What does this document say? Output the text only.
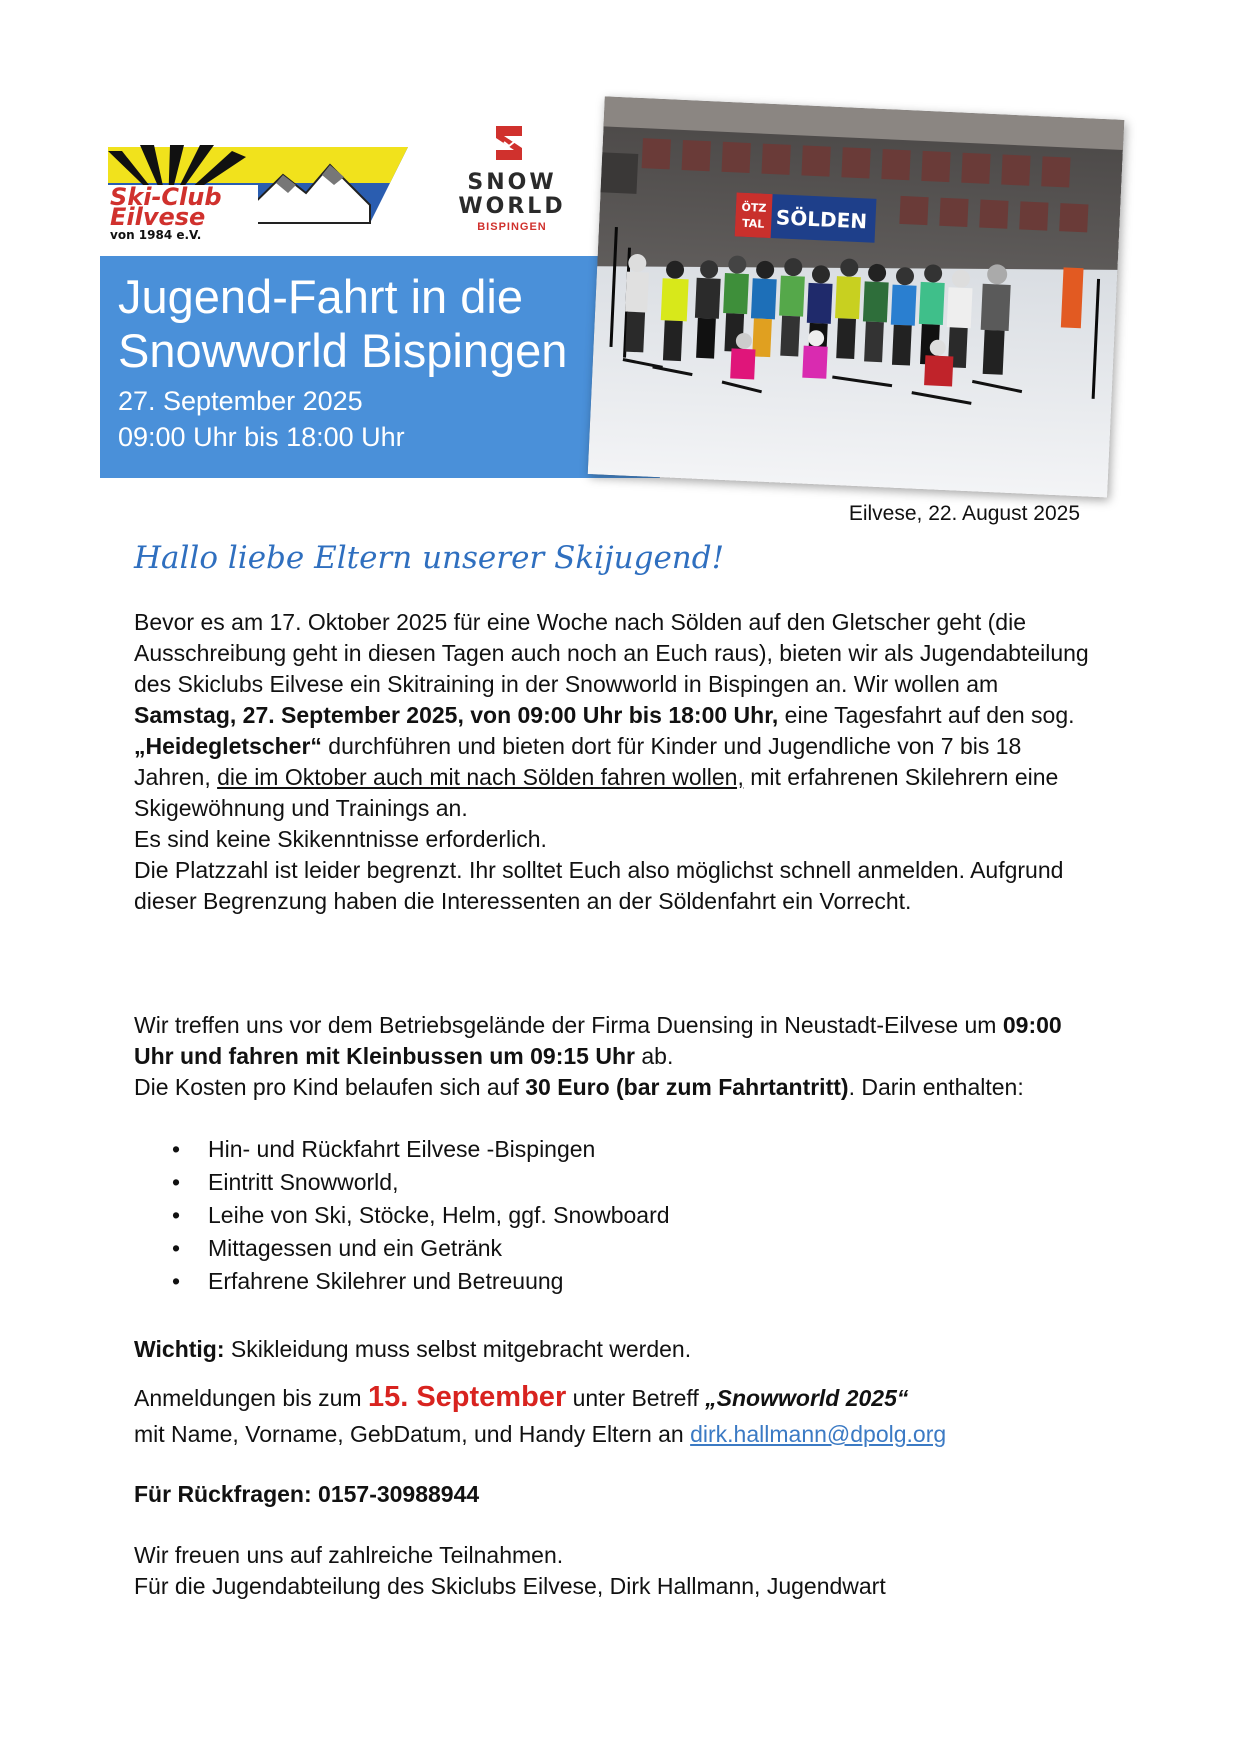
Ski-Club
Eilvese
von 1984 e.V.
SNOW
WORLD
BISPINGEN
Jugend-Fahrt in die
Snowworld Bispingen
27. September 2025
09:00 Uhr bis 18:00 Uhr
ÖTZ
TAL SÖLDEN
Eilvese, 22. August 2025
Hallo liebe Eltern unserer Skijugend!

Bevor es am 17. Oktober 2025 für eine Woche nach Sölden auf den Gletscher geht (die Ausschreibung geht in diesen Tagen auch noch an Euch raus), bieten wir als Jugendabteilung des Skiclubs Eilvese ein Skitraining in der Snowworld in Bispingen an. Wir wollen am
Samstag, 27. September 2025, von 09:00 Uhr bis 18:00 Uhr, eine Tagesfahrt auf den sog. „Heidegletscher“ durchführen und bieten dort für Kinder und Jugendliche von 7 bis 18 Jahren, die im Oktober auch mit nach Sölden fahren wollen, mit erfahrenen Skilehrern eine Skigewöhnung und Trainings an.
Es sind keine Skikenntnisse erforderlich.
Die Platzzahl ist leider begrenzt. Ihr solltet Euch also möglichst schnell anmelden. Aufgrund dieser Begrenzung haben die Interessenten an der Söldenfahrt ein Vorrecht.

Wir treffen uns vor dem Betriebsgelände der Firma Duensing in Neustadt-Eilvese um 09:00 Uhr und fahren mit Kleinbussen um 09:15 Uhr ab.
Die Kosten pro Kind belaufen sich auf 30 Euro (bar zum Fahrtantritt). Darin enthalten:

• Hin- und Rückfahrt Eilvese -Bispingen
• Eintritt Snowworld,
• Leihe von Ski, Stöcke, Helm, ggf. Snowboard
• Mittagessen und ein Getränk
• Erfahrene Skilehrer und Betreuung
Wichtig: Skikleidung muss selbst mitgebracht werden.
Anmeldungen bis zum 15. September unter Betreff „Snowworld 2025“
mit Name, Vorname, GebDatum, und Handy Eltern an dirk.hallmann@dpolg.org
Für Rückfragen: 0157-30988944
Wir freuen uns auf zahlreiche Teilnahmen.
Für die Jugendabteilung des Skiclubs Eilvese, Dirk Hallmann, Jugendwart
